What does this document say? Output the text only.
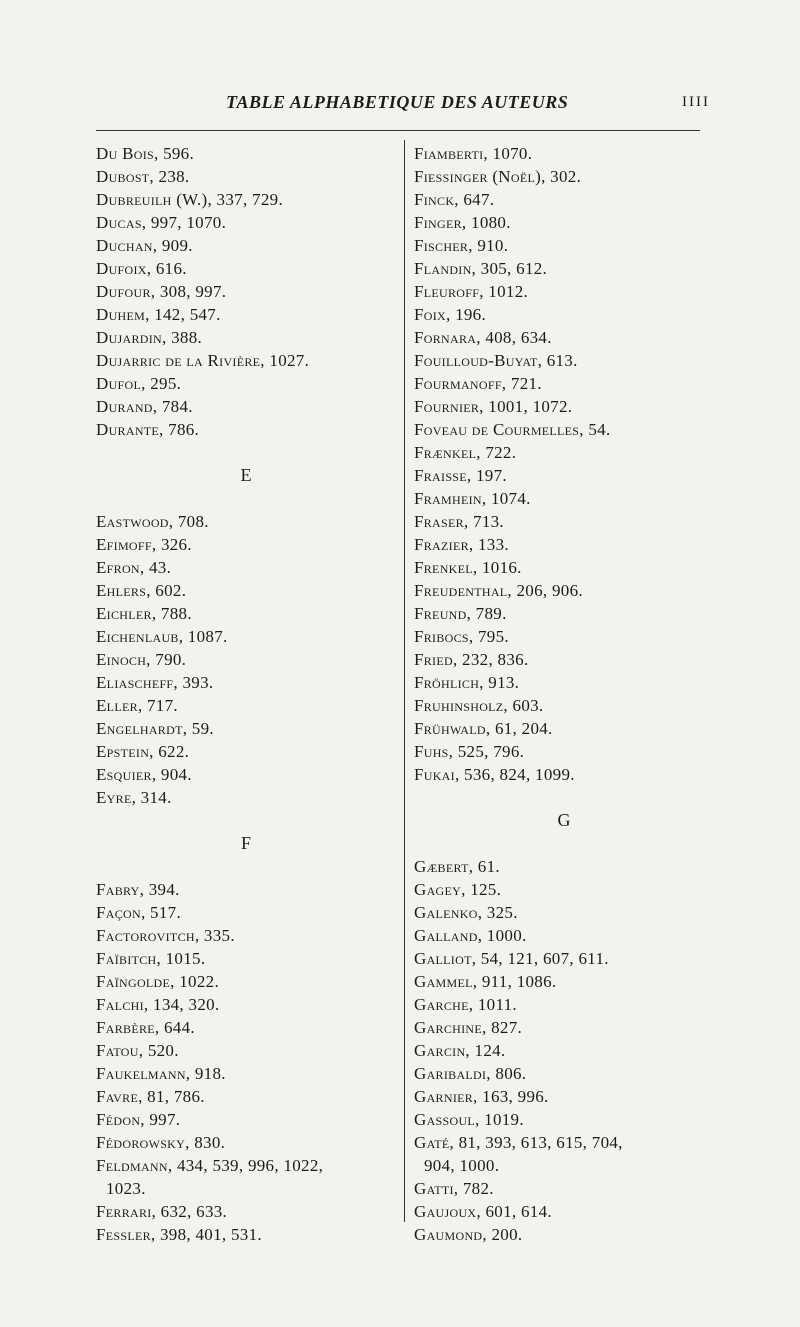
TABLE ALPHABETIQUE DES AUTEURS	IIII
Du Bois, 596.
Dubost, 238.
Dubreuilh (W.), 337, 729.
Ducas, 997, 1070.
Duchan, 909.
Dufoix, 616.
Dufour, 308, 997.
Duhem, 142, 547.
Dujardin, 388.
Dujarric de la Rivière, 1027.
Dufol, 295.
Durand, 784.
Durante, 786.
E
Eastwood, 708.
Efimoff, 326.
Efron, 43.
Ehlers, 602.
Eichler, 788.
Eichenlaub, 1087.
Einoch, 790.
Eliascheff, 393.
Eller, 717.
Engelhardt, 59.
Epstein, 622.
Esquier, 904.
Eyre, 314.
F
Fabry, 394.
Façon, 517.
Factorovitch, 335.
Faïbitch, 1015.
Faïngolde, 1022.
Falchi, 134, 320.
Farbère, 644.
Fatou, 520.
Faukelmann, 918.
Favre, 81, 786.
Fédon, 997.
Fédorowsky, 830.
Feldmann, 434, 539, 996, 1022,
1023.
Ferrari, 632, 633.
Fessler, 398, 401, 531.
Fiamberti, 1070.
Fiessinger (Noël), 302.
Finck, 647.
Finger, 1080.
Fischer, 910.
Flandin, 305, 612.
Fleuroff, 1012.
Foix, 196.
Fornara, 408, 634.
Fouilloud-Buyat, 613.
Fourmanoff, 721.
Fournier, 1001, 1072.
Foveau de Courmelles, 54.
Frænkel, 722.
Fraisse, 197.
Framhein, 1074.
Fraser, 713.
Frazier, 133.
Frenkel, 1016.
Freudenthal, 206, 906.
Freund, 789.
Fribocs, 795.
Fried, 232, 836.
Fröhlich, 913.
Fruhinsholz, 603.
Frühwald, 61, 204.
Fuhs, 525, 796.
Fukai, 536, 824, 1099.
G
Gæbert, 61.
Gagey, 125.
Galenko, 325.
Galland, 1000.
Galliot, 54, 121, 607, 611.
Gammel, 911, 1086.
Garche, 1011.
Garchine, 827.
Garcin, 124.
Garibaldi, 806.
Garnier, 163, 996.
Gassoul, 1019.
Gaté, 81, 393, 613, 615, 704,
904, 1000.
Gatti, 782.
Gaujoux, 601, 614.
Gaumond, 200.
